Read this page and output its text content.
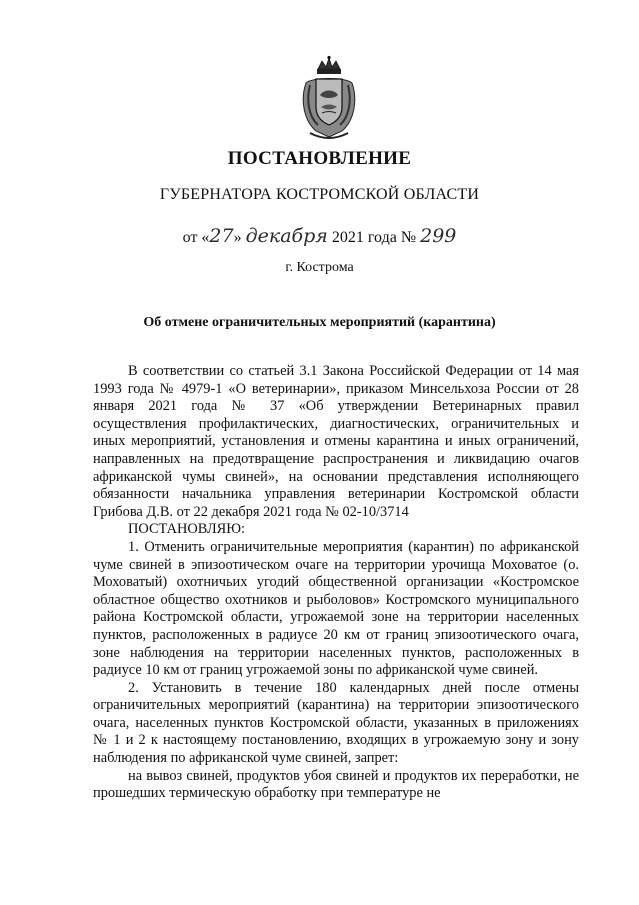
ПОСТАНОВЛЕНИЕ
ГУБЕРНАТОРА КОСТРОМСКОЙ ОБЛАСТИ
от «27» декабря 2021 года № 299
г. Кострома
Об отмене ограничительных мероприятий (карантина)

В соответствии со статьей 3.1 Закона Российской Федерации от 14 мая 1993 года № 4979-1 «О ветеринарии», приказом Минсельхоза России от 28 января 2021 года № 37 «Об утверждении Ветеринарных правил осуществления профилактических, диагностических, ограничительных и иных мероприятий, установления и отмены карантина и иных ограничений, направленных на предотвращение распространения и ликвидацию очагов африканской чумы свиней», на основании представления исполняющего обязанности начальника управления ветеринарии Костромской области Грибова Д.В. от 22 декабря 2021 года № 02-10/3714

ПОСТАНОВЛЯЮ:

1. Отменить ограничительные мероприятия (карантин) по африканской чуме свиней в эпизоотическом очаге на территории урочища Моховатое (о. Моховатый) охотничьих угодий общественной организации «Костромское областное общество охотников и рыболовов» Костромского муниципального района Костромской области, угрожаемой зоне на территории населенных пунктов, расположенных в радиусе 20 км от границ эпизоотического очага, зоне наблюдения на территории населенных пунктов, расположенных в радиусе 10 км от границ угрожаемой зоны по африканской чуме свиней.

2. Установить в течение 180 календарных дней после отмены ограничительных мероприятий (карантина) на территории эпизоотического очага, населенных пунктов Костромской области, указанных в приложениях № 1 и 2 к настоящему постановлению, входящих в угрожаемую зону и зону наблюдения по африканской чуме свиней, запрет:

на вывоз свиней, продуктов убоя свиней и продуктов их переработки, не прошедших термическую обработку при температуре не
